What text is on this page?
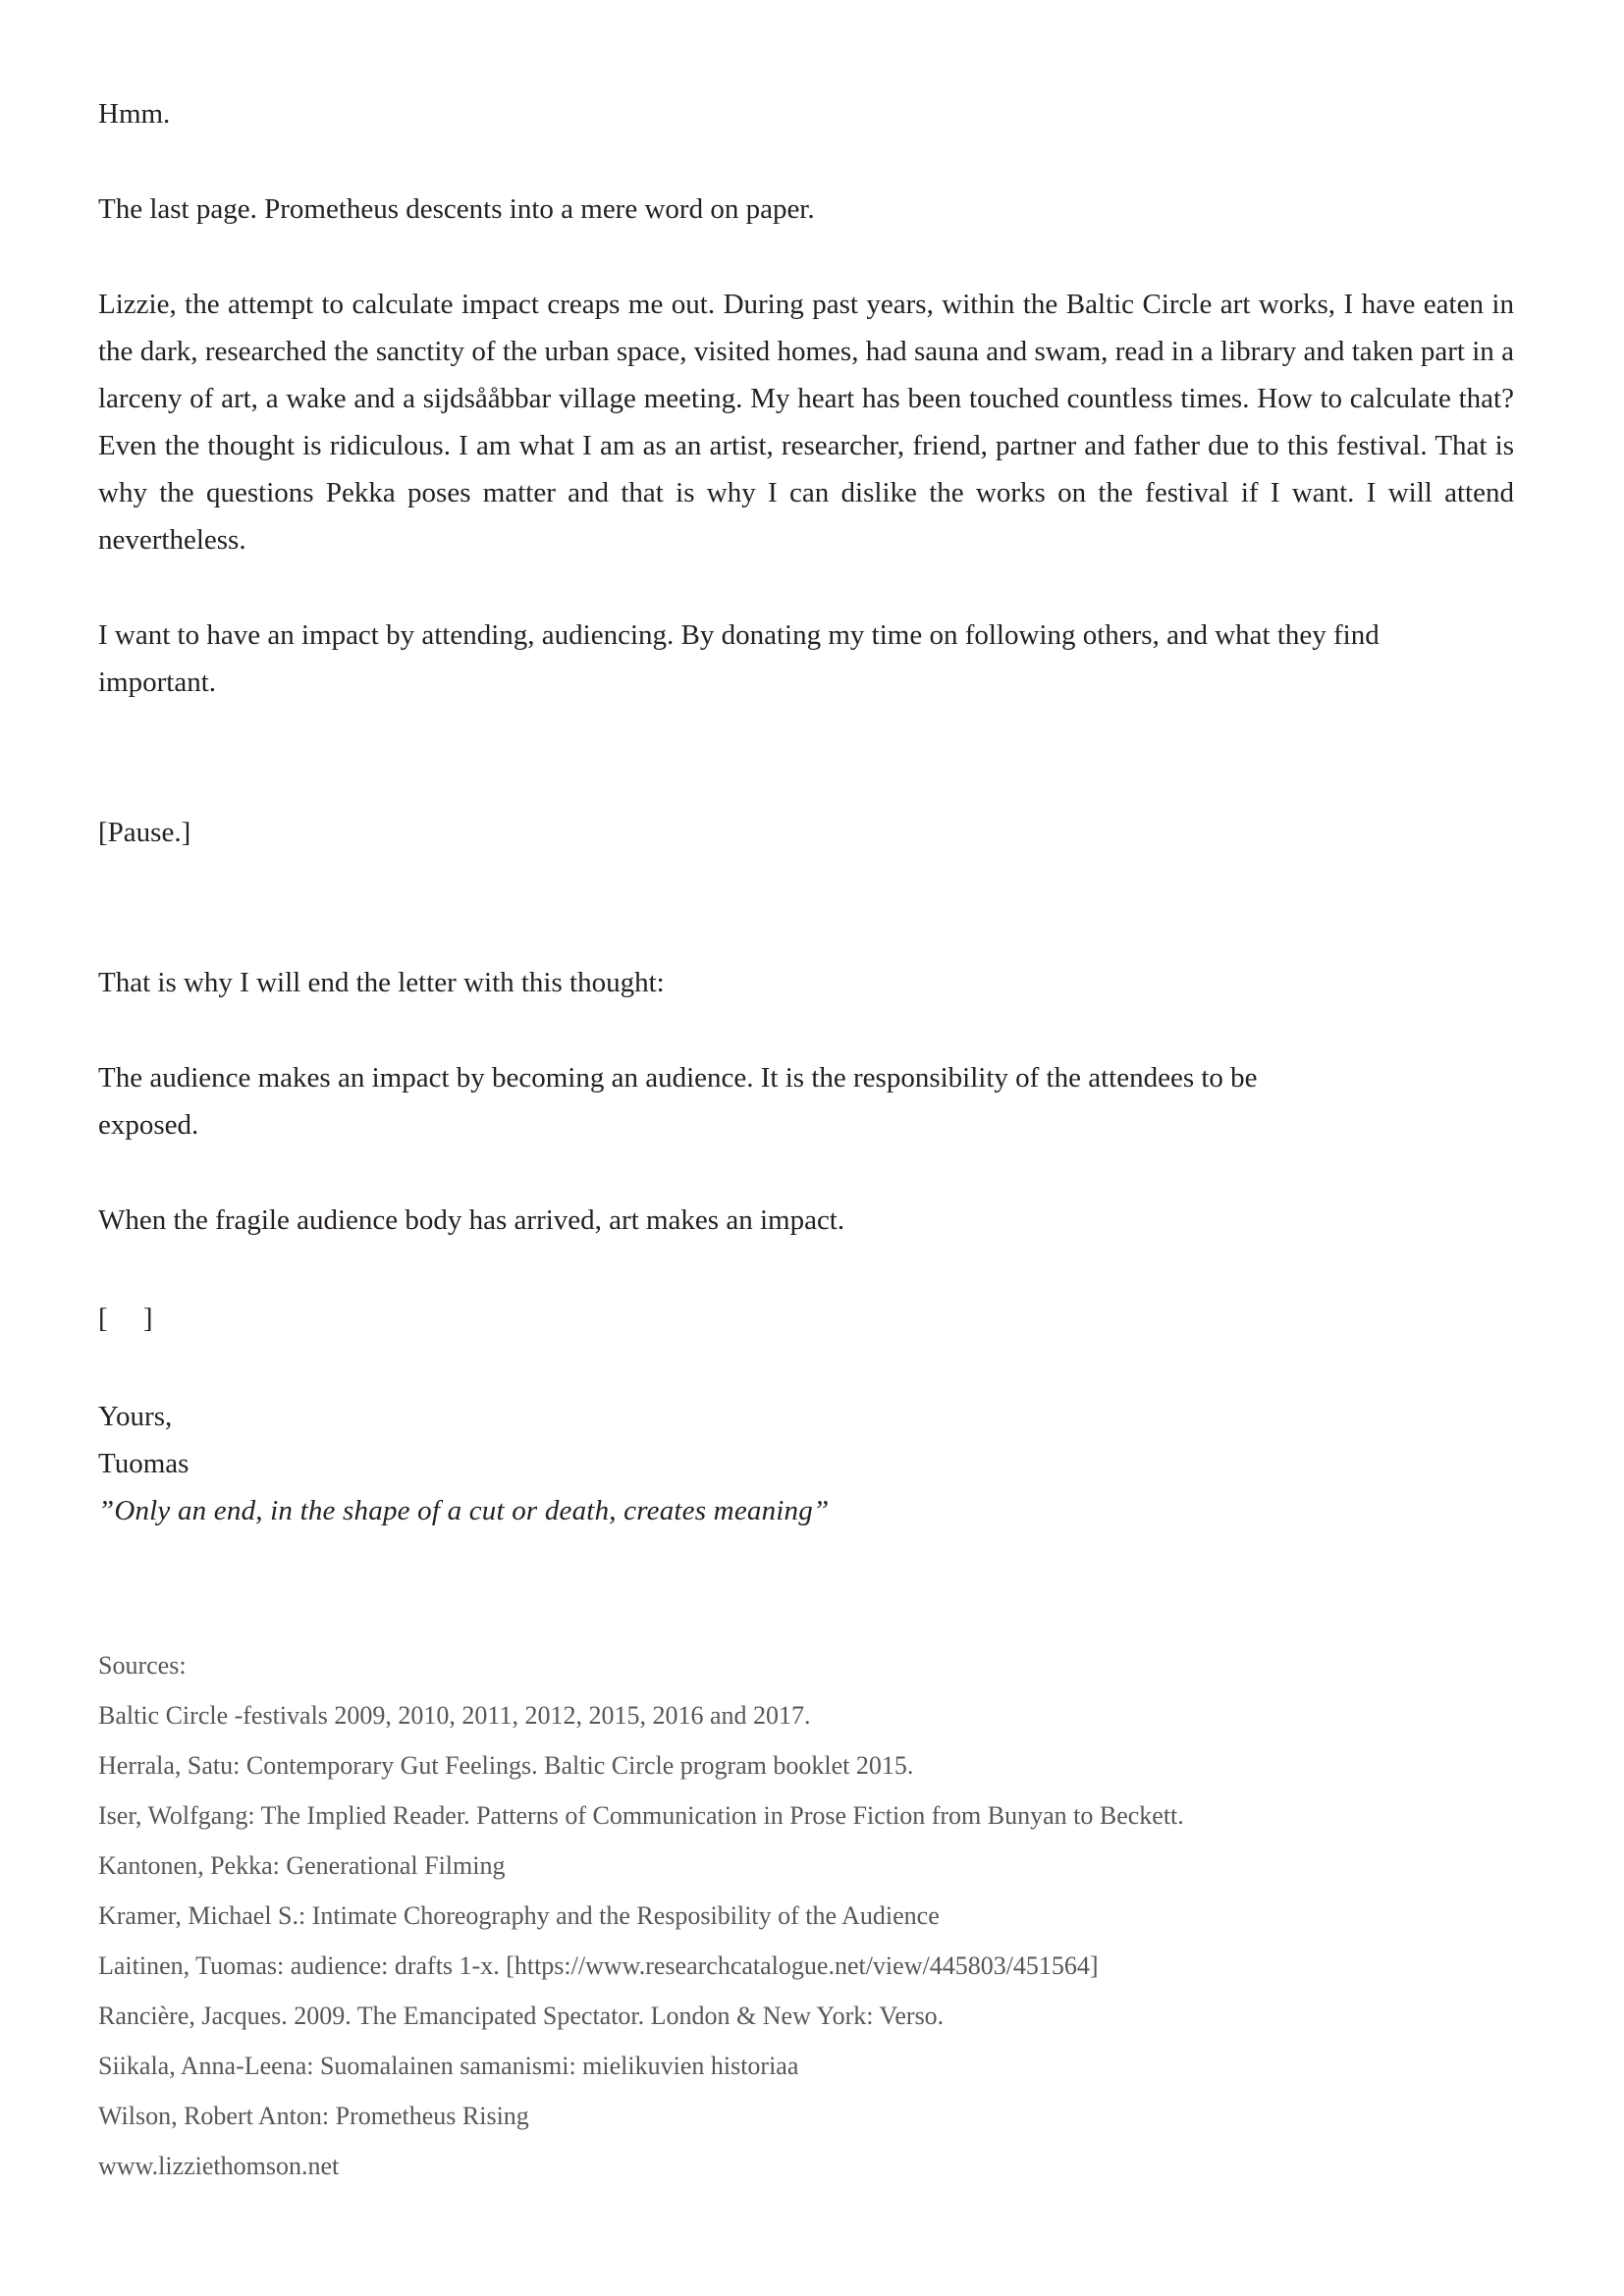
Hmm.

The last page. Prometheus descents into a mere word on paper.

Lizzie, the attempt to calculate impact creaps me out. During past years, within the Baltic Circle art works, I have eaten in the dark, researched the sanctity of the urban space, visited homes, had sauna and swam, read in a library and taken part in a larceny of art, a wake and a sijdsååbbar village meeting. My heart has been touched countless times. How to calculate that? Even the thought is ridiculous. I am what I am as an artist, researcher, friend, partner and father due to this festival. That is why the questions Pekka poses matter and that is why I can dislike the works on the festival if I want. I will attend nevertheless.

I want to have an impact by attending, audiencing. By donating my time on following others, and what they find important.

[Pause.]

That is why I will end the letter with this thought:

The audience makes an impact by becoming an audience. It is the responsibility of the attendees to be exposed.

When the fragile audience body has arrived, art makes an impact.

[     ]

Yours,

Tuomas

”Only an end, in the shape of a cut or death, creates meaning”

Sources:

Baltic Circle -festivals 2009, 2010, 2011, 2012, 2015, 2016 and 2017.

Herrala, Satu: Contemporary Gut Feelings. Baltic Circle program booklet 2015.

Iser, Wolfgang: The Implied Reader. Patterns of Communication in Prose Fiction from Bunyan to Beckett.

Kantonen, Pekka: Generational Filming

Kramer, Michael S.: Intimate Choreography and the Resposibility of the Audience

Laitinen, Tuomas: audience: drafts 1-x. [https://www.researchcatalogue.net/view/445803/451564]

Rancière, Jacques. 2009. The Emancipated Spectator. London & New York: Verso.

Siikala, Anna-Leena: Suomalainen samanismi: mielikuvien historiaa

Wilson, Robert Anton: Prometheus Rising

www.lizziethomson.net
